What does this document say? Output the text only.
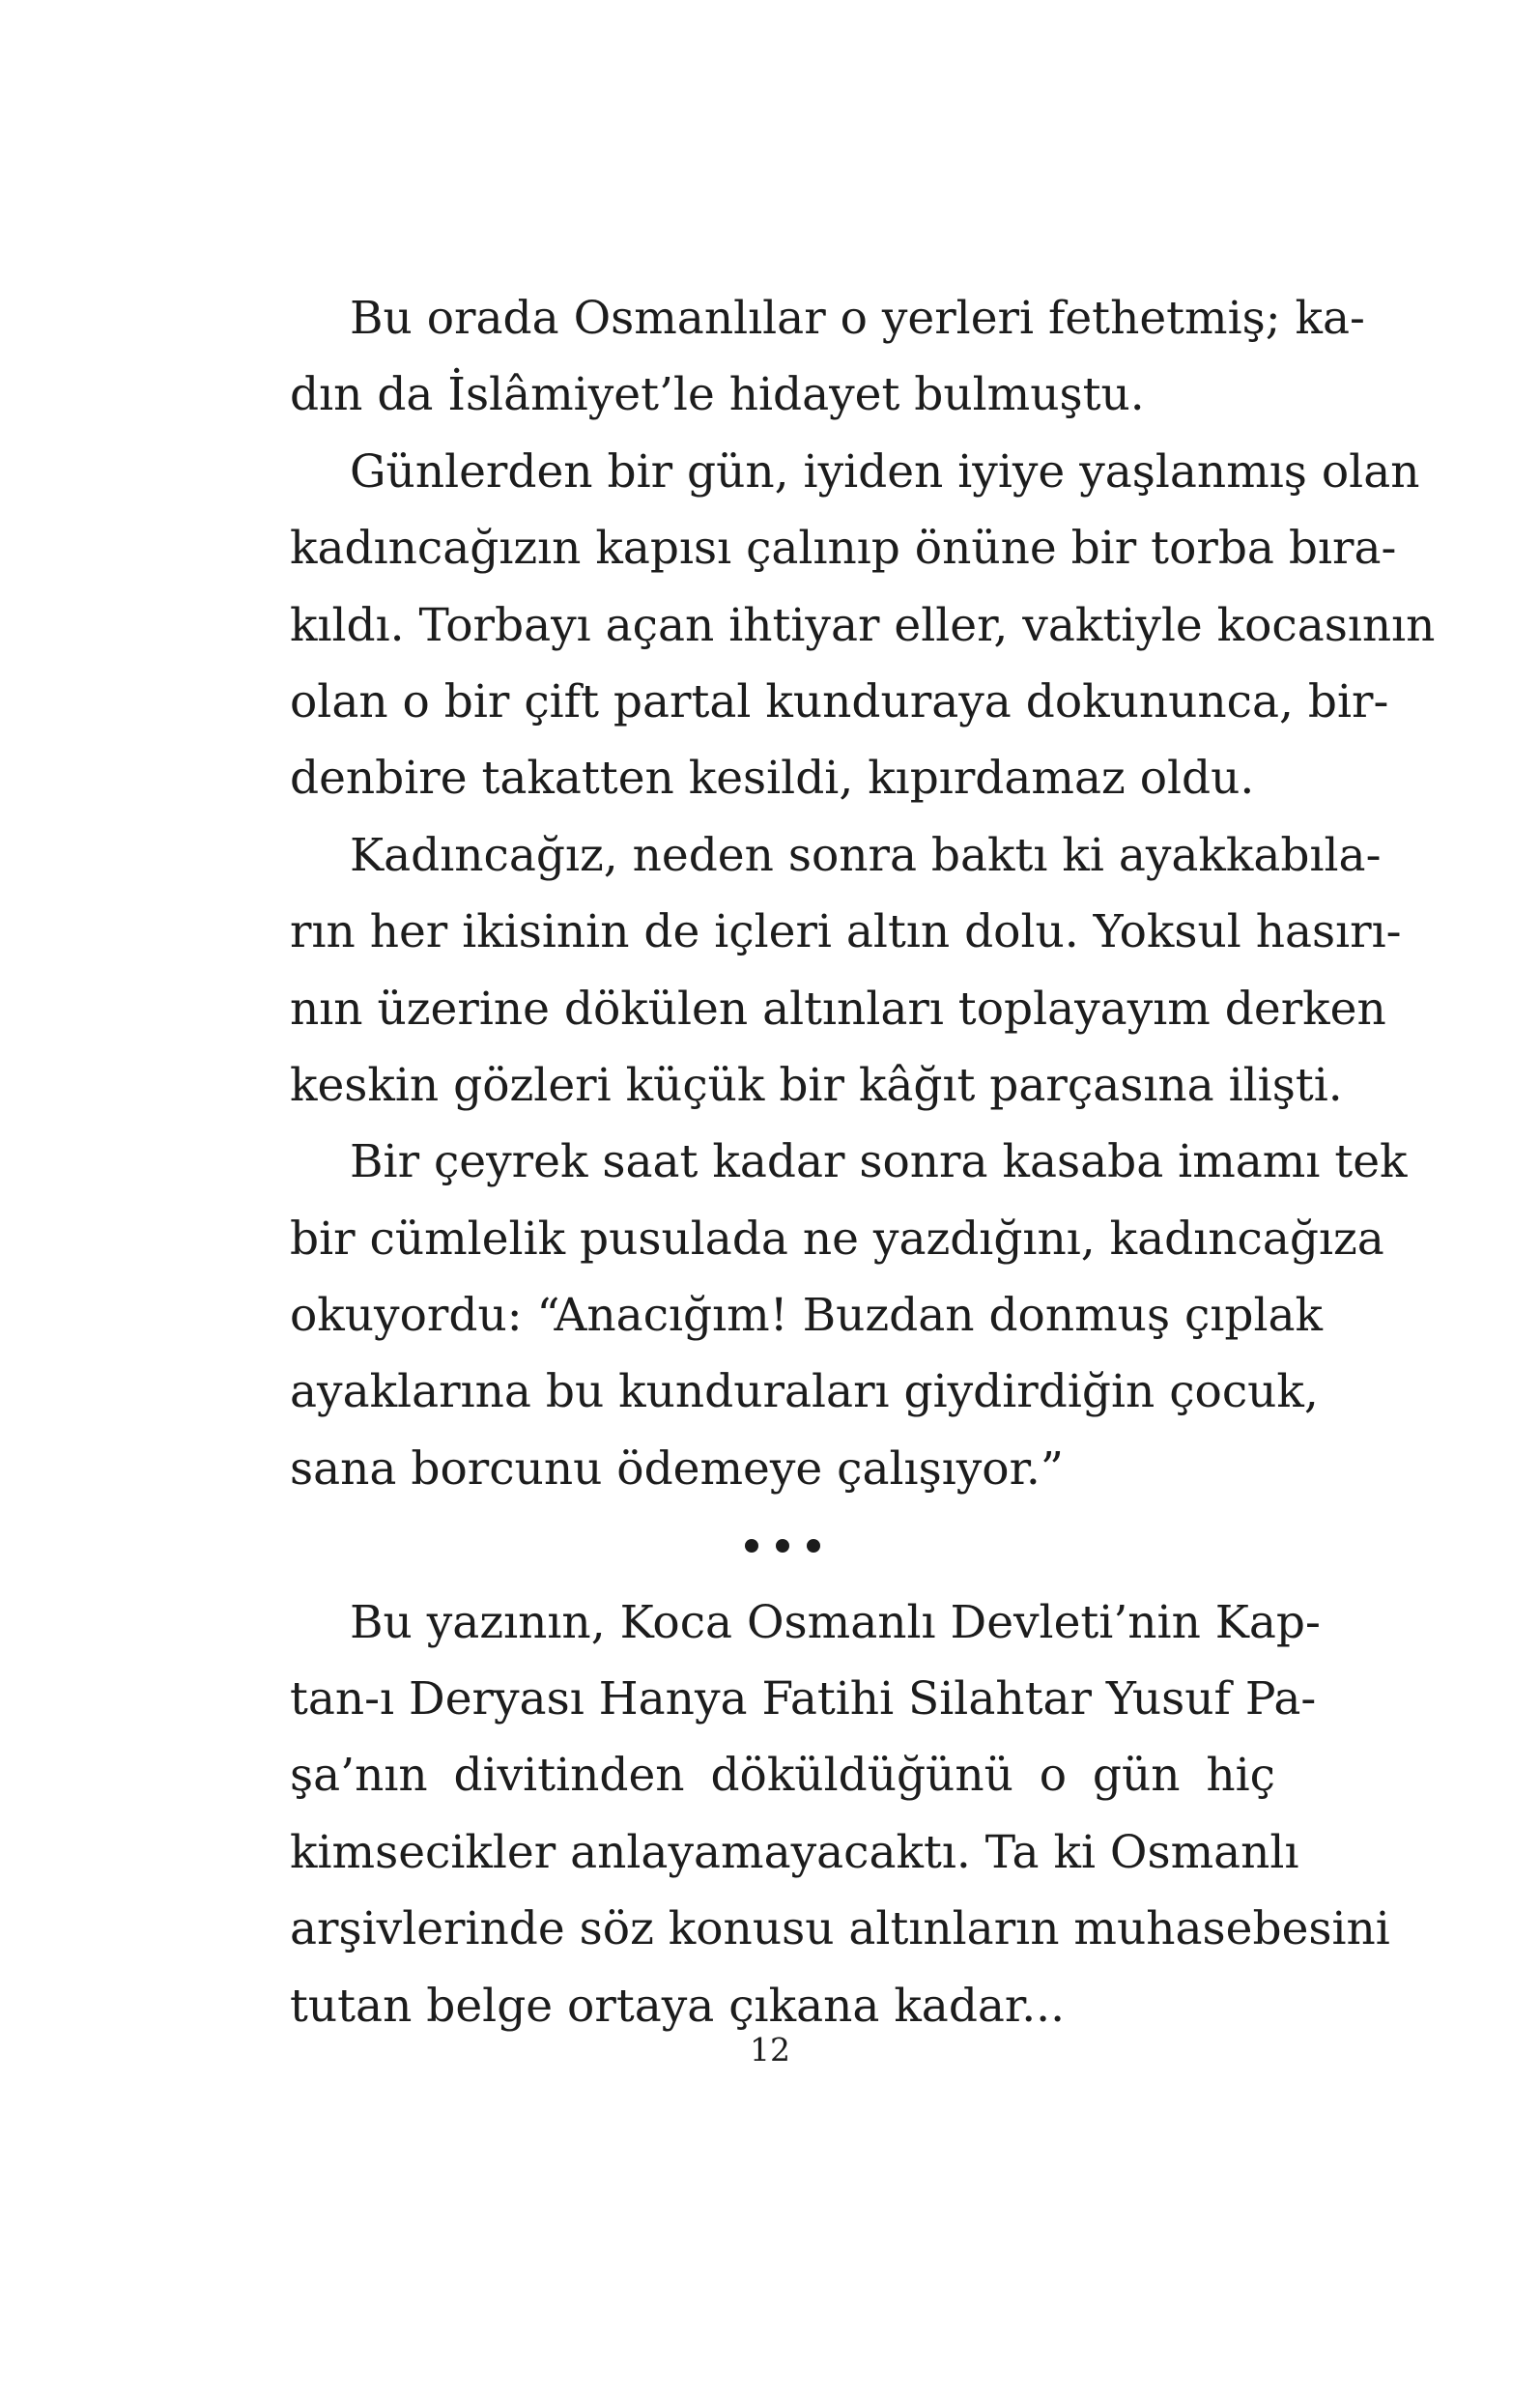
Bu orada Osmanlılar o yerleri fethetmiş; ka-
dın da İslâmiyet’le hidayet bulmuştu.
Günlerden bir gün, iyiden iyiye yaşlanmış olan
kadıncağızın kapısı çalınıp önüne bir torba bıra-
kıldı. Torbayı açan ihtiyar eller, vaktiyle kocasının
olan o bir çift partal kunduraya dokununca, bir-
denbire takatten kesildi, kıpırdamaz oldu.
Kadıncağız, neden sonra baktı ki ayakkabıla-
rın her ikisinin de içleri altın dolu. Yoksul hasırı-
nın üzerine dökülen altınları toplayayım derken
keskin gözleri küçük bir kâğıt parçasına ilişti.
Bir çeyrek saat kadar sonra kasaba imamı tek
bir cümlelik pusulada ne yazdığını, kadıncağıza
okuyordu: “Anacığım! Buzdan donmuş çıplak
ayaklarına bu kunduraları giydirdiğin çocuk,
sana borcunu ödemeye çalışıyor.”
Bu yazının, Koca Osmanlı Devleti’nin Kap-
tan-ı Deryası Hanya Fatihi Silahtar Yusuf Pa-
şa’nın divitinden döküldüğünü o gün hiç
kimsecikler anlayamayacaktı. Ta ki Osmanlı
arşivlerinde söz konusu altınların muhasebesini
tutan belge ortaya çıkana kadar...
12
